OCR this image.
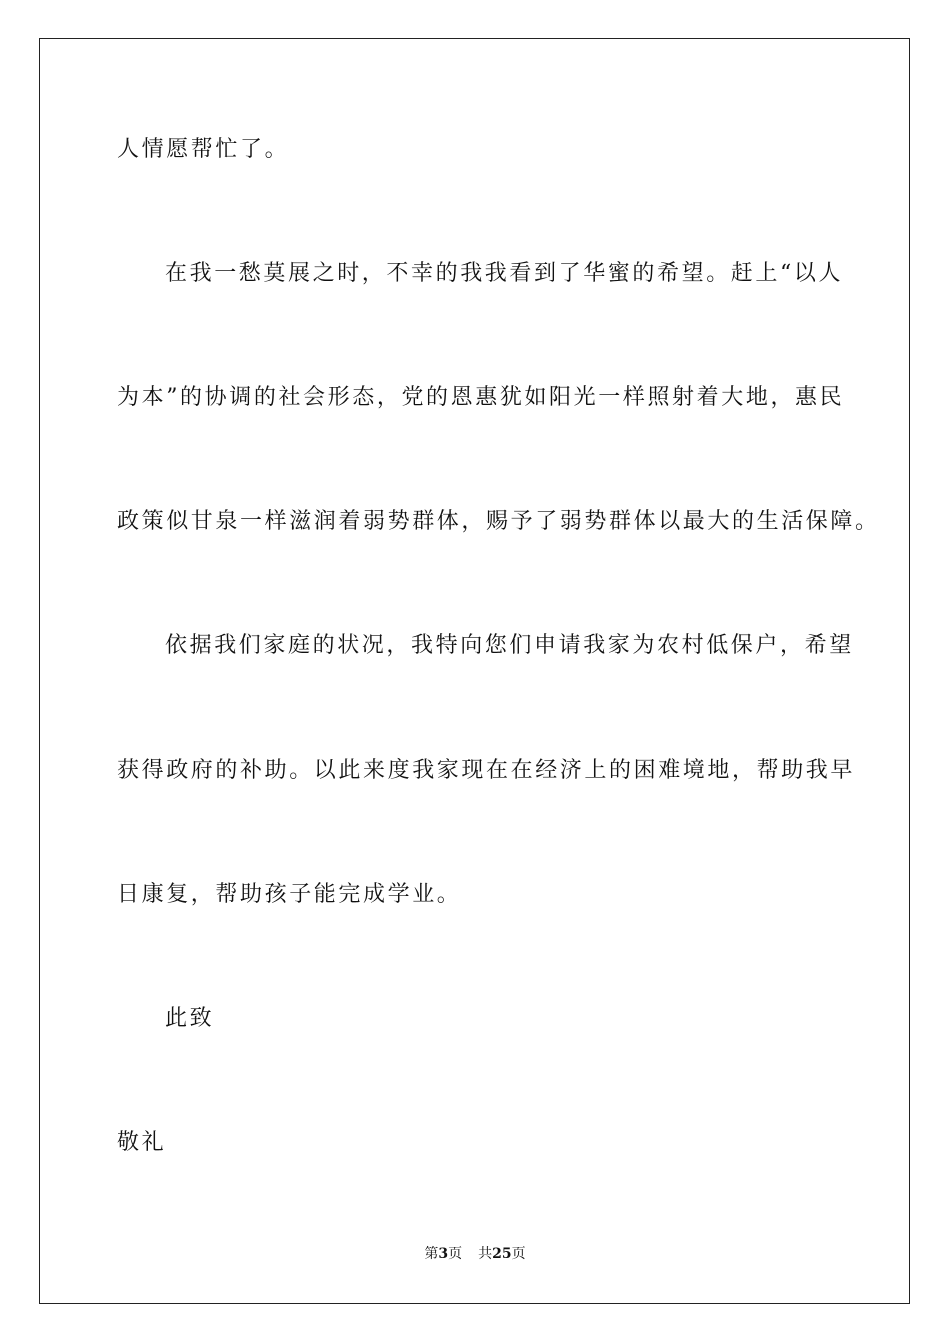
人情愿帮忙了。
在我一愁莫展之时，不幸的我我看到了华蜜的希望。赶上“以人
为本”的协调的社会形态，党的恩惠犹如阳光一样照射着大地，惠民
政策似甘泉一样滋润着弱势群体，赐予了弱势群体以最大的生活保障。
依据我们家庭的状况，我特向您们申请我家为农村低保户，希望
获得政府的补助。以此来度我家现在在经济上的困难境地，帮助我早
日康复，帮助孩子能完成学业。
此致
敬礼
第3页 共25页
